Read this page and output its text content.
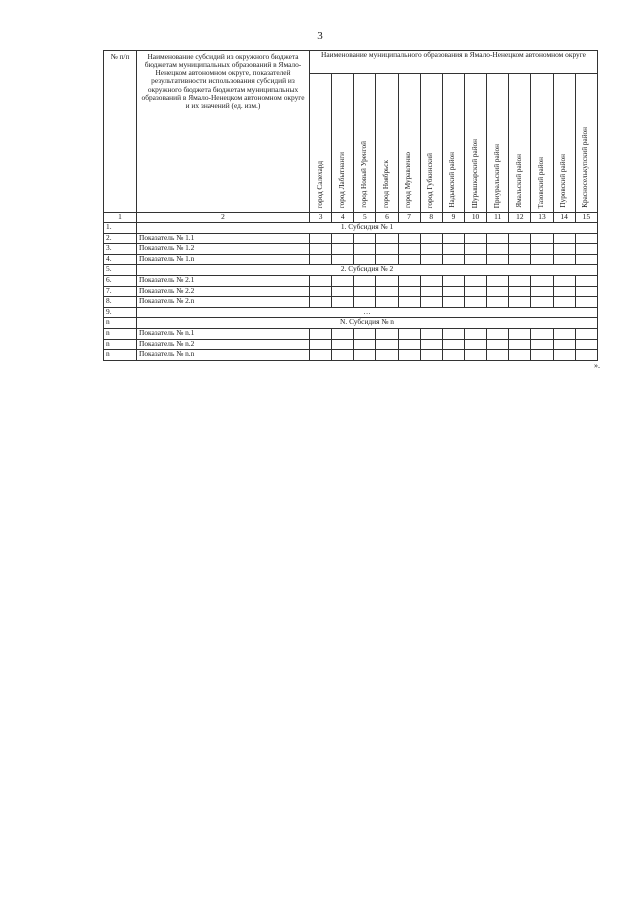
3
№ п/п	Наименование субсидий из окружного бюджета бюджетам муниципальных образований в Ямало-Ненецком автономном округе, показателей результативности использования субсидий из окружного бюджета бюджетам муниципальных образований в Ямало-Ненецком автономном округе и их значений (ед. изм.)	Наименование муниципального образования в Ямало-Ненецком автономном округе												

		город Салехард	город Лабытнанги	город Новый Уренгой	город Ноябрьск	город Муравленко	город Губкинский	Надымский район	Шурышкарский район	Приуральский район	Ямальский район	Тазовский район	Пуровский район	Красноселькупский район

1	2	3	4	5	6	7	8	9	10	11	12	13	14	15
1.	1. Субсидия № 1													
2.	Показатель № 1.1													
3.	Показатель № 1.2													
4.	Показатель № 1.n													
5.	2. Субсидия № 2													
6.	Показатель № 2.1													
7.	Показатель № 2.2													
8.	Показатель № 2.n													
9.	…													
n	N. Субсидия № n													
n	Показатель № n.1													
n	Показатель № n.2													
n	Показатель № n.n													
».
